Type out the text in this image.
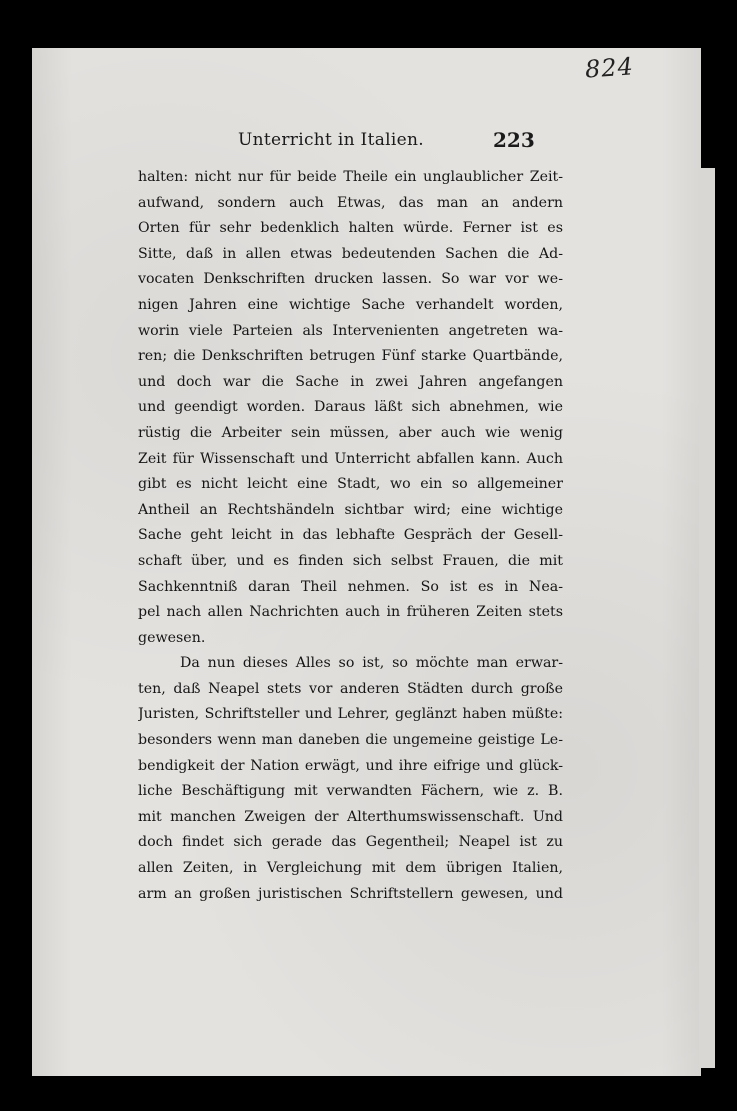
824
Unterricht in Italien.	223
halten: nicht nur für beide Theile ein unglaublicher Zeit-
aufwand, sondern auch Etwas, das man an andern
Orten für sehr bedenklich halten würde. Ferner ist es
Sitte, daß in allen etwas bedeutenden Sachen die Ad-
vocaten Denkschriften drucken lassen. So war vor we-
nigen Jahren eine wichtige Sache verhandelt worden,
worin viele Parteien als Intervenienten angetreten wa-
ren; die Denkschriften betrugen Fünf starke Quartbände,
und doch war die Sache in zwei Jahren angefangen
und geendigt worden. Daraus läßt sich abnehmen, wie
rüstig die Arbeiter sein müssen, aber auch wie wenig
Zeit für Wissenschaft und Unterricht abfallen kann. Auch
gibt es nicht leicht eine Stadt, wo ein so allgemeiner
Antheil an Rechtshändeln sichtbar wird; eine wichtige
Sache geht leicht in das lebhafte Gespräch der Gesell-
schaft über, und es finden sich selbst Frauen, die mit
Sachkenntniß daran Theil nehmen. So ist es in Nea-
pel nach allen Nachrichten auch in früheren Zeiten stets
gewesen.
Da nun dieses Alles so ist, so möchte man erwar-
ten, daß Neapel stets vor anderen Städten durch große
Juristen, Schriftsteller und Lehrer, geglänzt haben müßte:
besonders wenn man daneben die ungemeine geistige Le-
bendigkeit der Nation erwägt, und ihre eifrige und glück-
liche Beschäftigung mit verwandten Fächern, wie z. B.
mit manchen Zweigen der Alterthumswissenschaft. Und
doch findet sich gerade das Gegentheil; Neapel ist zu
allen Zeiten, in Vergleichung mit dem übrigen Italien,
arm an großen juristischen Schriftstellern gewesen, und
